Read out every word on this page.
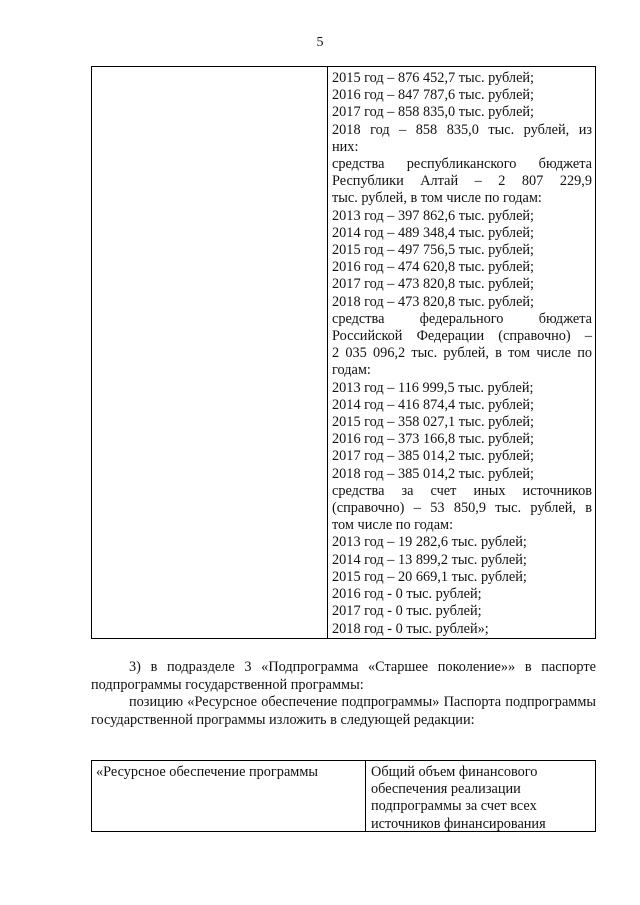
5
2015 год – 876 452,7 тыс. рублей;
2016 год – 847 787,6 тыс. рублей;
2017 год – 858 835,0 тыс. рублей;
2018 год – 858 835,0 тыс. рублей, из
них:
средства республиканского бюджета
Республики Алтай – 2 807 229,9
тыс. рублей, в том числе по годам:
2013 год – 397 862,6 тыс. рублей;
2014 год – 489 348,4 тыс. рублей;
2015 год – 497 756,5 тыс. рублей;
2016 год – 474 620,8 тыс. рублей;
2017 год – 473 820,8 тыс. рублей;
2018 год – 473 820,8 тыс. рублей;
средства федерального бюджета
Российской Федерации (справочно) –
2 035 096,2 тыс. рублей, в том числе по
годам:
2013 год – 116 999,5 тыс. рублей;
2014 год – 416 874,4 тыс. рублей;
2015 год – 358 027,1 тыс. рублей;
2016 год – 373 166,8 тыс. рублей;
2017 год – 385 014,2 тыс. рублей;
2018 год – 385 014,2 тыс. рублей;
средства за счет иных источников
(справочно) – 53 850,9 тыс. рублей, в
том числе по годам:
2013 год – 19 282,6 тыс. рублей;
2014 год – 13 899,2 тыс. рублей;
2015 год – 20 669,1 тыс. рублей;
2016 год - 0 тыс. рублей;
2017 год - 0 тыс. рублей;
2018 год - 0 тыс. рублей»;
3) в подразделе 3 «Подпрограмма «Старшее поколение»» в паспорте подпрограммы государственной программы:
позицию «Ресурсное обеспечение подпрограммы» Паспорта подпрограммы государственной программы изложить в следующей редакции:
«Ресурсное обеспечение программы	Общий объем финансового
обеспечения реализации
подпрограммы за счет всех
источников финансирования
